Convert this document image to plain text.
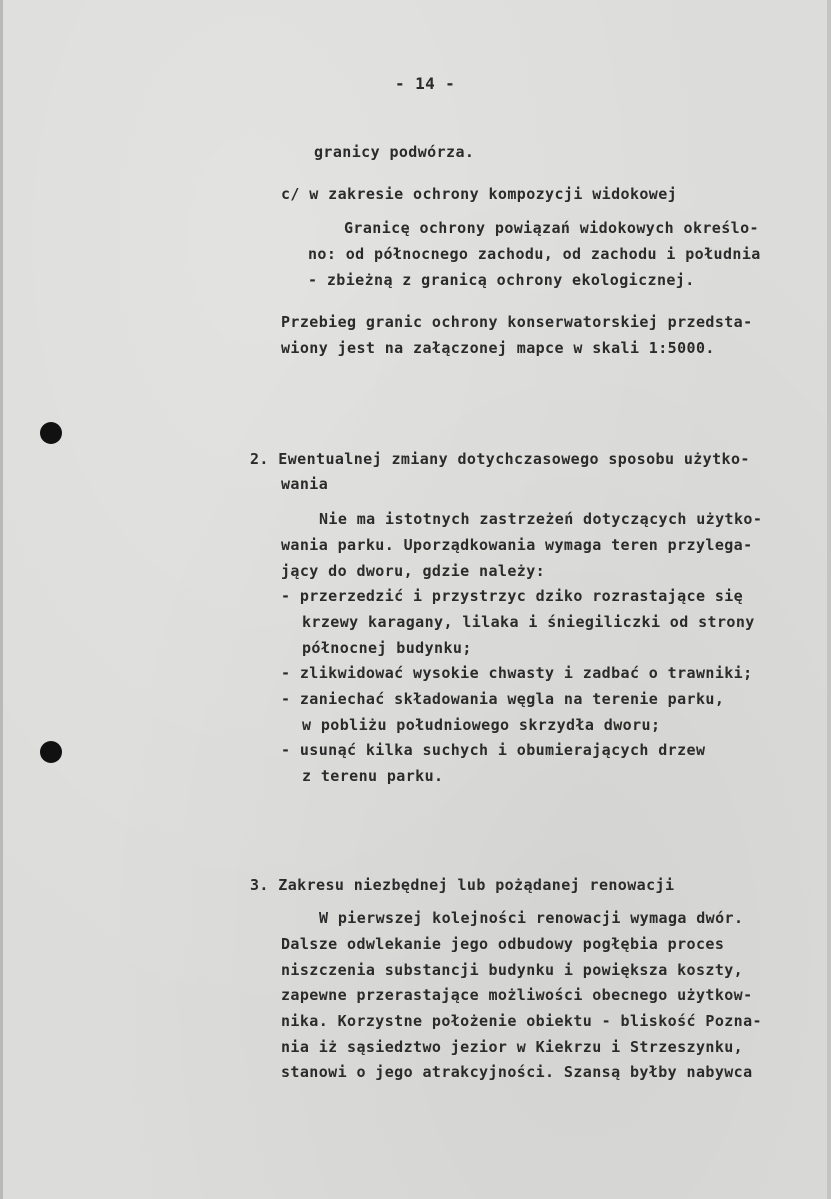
- 14 -
granicy podwórza.
c/ w zakresie ochrony kompozycji widokowej
Granicę ochrony powiązań widokowych określo-
no: od północnego zachodu, od zachodu i południa
- zbieżną z granicą ochrony ekologicznej.
Przebieg granic ochrony konserwatorskiej przedsta-
wiony jest na załączonej mapce w skali 1:5000.
2. Ewentualnej zmiany dotychczasowego sposobu użytko-
wania
Nie ma istotnych zastrzeżeń dotyczących użytko-
wania parku. Uporządkowania wymaga teren przylega-
jący do dworu, gdzie należy:
- przerzedzić i przystrzyc dziko rozrastające się
krzewy karagany, lilaka i śniegiliczki od strony
północnej budynku;
- zlikwidować wysokie chwasty i zadbać o trawniki;
- zaniechać składowania węgla na terenie parku,
w pobliżu południowego skrzydła dworu;
- usunąć kilka suchych i obumierających drzew
z terenu parku.
3. Zakresu niezbędnej lub pożądanej renowacji
W pierwszej kolejności renowacji wymaga dwór.
Dalsze odwlekanie jego odbudowy pogłębia proces
niszczenia substancji budynku i powiększa koszty,
zapewne przerastające możliwości obecnego użytkow-
nika. Korzystne położenie obiektu - bliskość Pozna-
nia iż sąsiedztwo jezior w Kiekrzu i Strzeszynku,
stanowi o jego atrakcyjności. Szansą byłby nabywca
